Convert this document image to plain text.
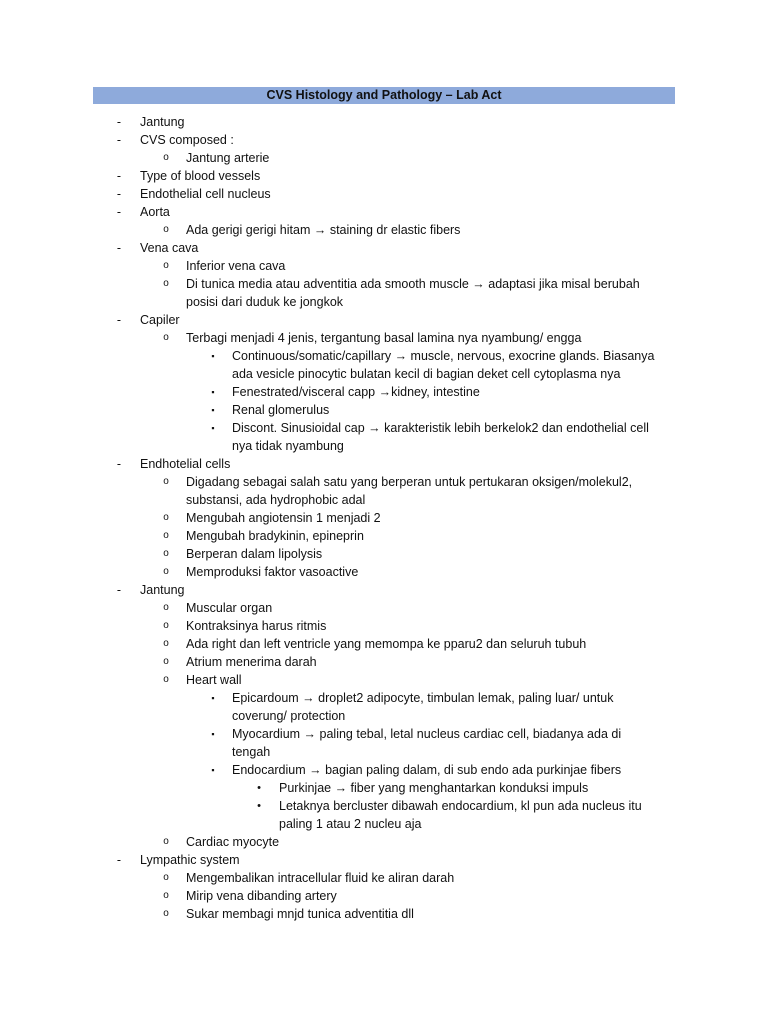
CVS Histology and Pathology – Lab Act
-	Jantung
-	CVS composed :
o	Jantung arterie
-	Type of blood vessels
-	Endothelial cell nucleus
-	Aorta
o	Ada gerigi gerigi hitam → staining dr elastic fibers
-	Vena cava
o	Inferior vena cava
o	Di tunica media atau adventitia ada smooth muscle → adaptasi jika misal berubah
posisi dari duduk ke jongkok
-	Capiler
o	Terbagi menjadi 4 jenis, tergantung basal lamina nya nyambung/ engga
▪	Continuous/somatic/capillary → muscle, nervous, exocrine glands. Biasanya
ada vesicle pinocytic bulatan kecil di bagian deket cell cytoplasma nya
▪	Fenestrated/visceral capp →kidney, intestine
▪	Renal glomerulus
▪	Discont. Sinusioidal cap → karakteristik lebih berkelok2 dan endothelial cell
nya tidak nyambung
-	Endhotelial cells
o	Digadang sebagai salah satu yang berperan untuk pertukaran oksigen/molekul2,
substansi, ada hydrophobic adal
o	Mengubah angiotensin 1 menjadi 2
o	Mengubah bradykinin, epineprin
o	Berperan dalam lipolysis
o	Memproduksi faktor vasoactive
-	Jantung
o	Muscular organ
o	Kontraksinya harus ritmis
o	Ada right dan left ventricle yang memompa ke pparu2 dan seluruh tubuh
o	Atrium menerima darah
o	Heart wall
▪	Epicardoum → droplet2 adipocyte, timbulan lemak, paling luar/ untuk
coverung/ protection
▪	Myocardium → paling tebal, letal nucleus cardiac cell, biadanya ada di
tengah
▪	Endocardium → bagian paling dalam, di sub endo ada purkinjae fibers
•	Purkinjae → fiber yang menghantarkan konduksi impuls
•	Letaknya bercluster dibawah endocardium, kl pun ada nucleus itu
paling 1 atau 2 nucleu aja
o	Cardiac myocyte
-	Lympathic system
o	Mengembalikan intracellular fluid ke aliran darah
o	Mirip vena dibanding artery
o	Sukar membagi mnjd tunica adventitia dll
